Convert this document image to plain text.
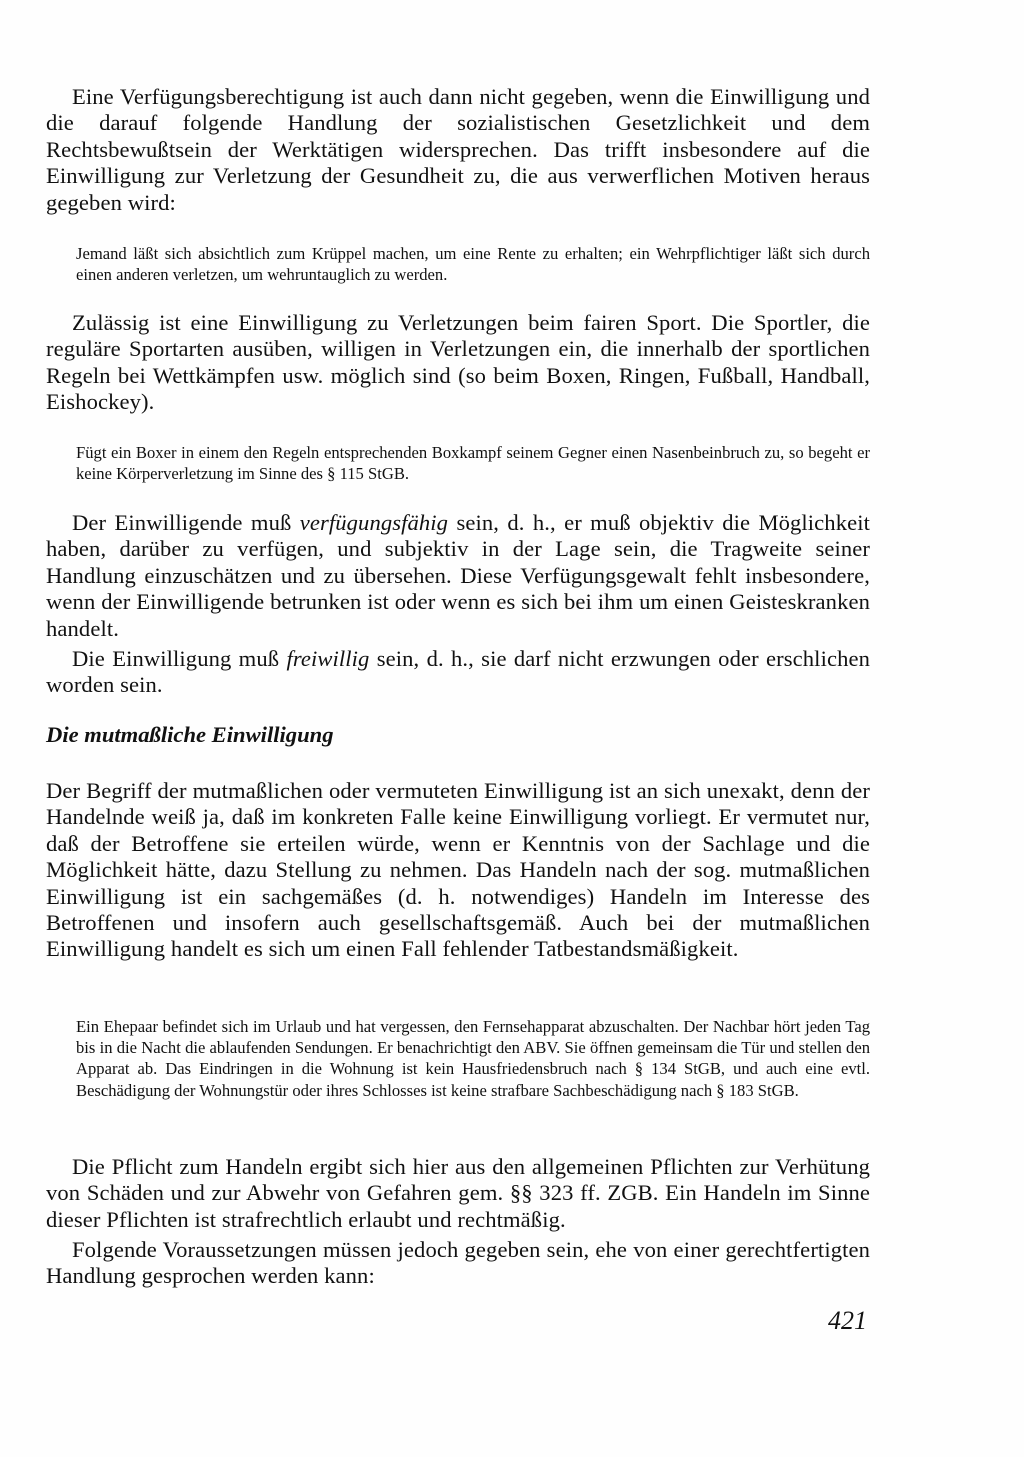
Eine Verfügungsberechtigung ist auch dann nicht gegeben, wenn die Einwilligung und die darauf folgende Handlung der sozialistischen Gesetzlichkeit und dem Rechtsbewußtsein der Werktätigen widersprechen. Das trifft insbesondere auf die Einwilligung zur Verletzung der Gesundheit zu, die aus verwerflichen Motiven heraus gegeben wird:

Jemand läßt sich absichtlich zum Krüppel machen, um eine Rente zu erhalten; ein Wehrpflichtiger läßt sich durch einen anderen verletzen, um wehruntauglich zu werden.

Zulässig ist eine Einwilligung zu Verletzungen beim fairen Sport. Die Sportler, die reguläre Sportarten ausüben, willigen in Verletzungen ein, die innerhalb der sportlichen Regeln bei Wettkämpfen usw. möglich sind (so beim Boxen, Ringen, Fußball, Handball, Eishockey).

Fügt ein Boxer in einem den Regeln entsprechenden Boxkampf seinem Gegner einen Nasenbeinbruch zu, so begeht er keine Körperverletzung im Sinne des § 115 StGB.

Der Einwilligende muß verfügungsfähig sein, d. h., er muß objektiv die Möglichkeit haben, darüber zu verfügen, und subjektiv in der Lage sein, die Tragweite seiner Handlung einzuschätzen und zu übersehen. Diese Verfügungsgewalt fehlt insbesondere, wenn der Einwilligende betrunken ist oder wenn es sich bei ihm um einen Geisteskranken handelt.

Die Einwilligung muß freiwillig sein, d. h., sie darf nicht erzwungen oder erschlichen worden sein.

Die mutmaßliche Einwilligung

Der Begriff der mutmaßlichen oder vermuteten Einwilligung ist an sich unexakt, denn der Handelnde weiß ja, daß im konkreten Falle keine Einwilligung vorliegt. Er vermutet nur, daß der Betroffene sie erteilen würde, wenn er Kenntnis von der Sachlage und die Möglichkeit hätte, dazu Stellung zu nehmen. Das Handeln nach der sog. mutmaßlichen Einwilligung ist ein sachgemäßes (d. h. notwendiges) Handeln im Interesse des Betroffenen und insofern auch gesellschaftsgemäß. Auch bei der mutmaßlichen Einwilligung handelt es sich um einen Fall fehlender Tatbestandsmäßigkeit.

Ein Ehepaar befindet sich im Urlaub und hat vergessen, den Fernsehapparat abzuschalten. Der Nachbar hört jeden Tag bis in die Nacht die ablaufenden Sendungen. Er benachrichtigt den ABV. Sie öffnen gemeinsam die Tür und stellen den Apparat ab. Das Eindringen in die Wohnung ist kein Hausfriedensbruch nach § 134 StGB, und auch eine evtl. Beschädigung der Wohnungstür oder ihres Schlosses ist keine strafbare Sachbeschädigung nach § 183 StGB.

Die Pflicht zum Handeln ergibt sich hier aus den allgemeinen Pflichten zur Verhütung von Schäden und zur Abwehr von Gefahren gem. §§ 323 ff. ZGB. Ein Handeln im Sinne dieser Pflichten ist strafrechtlich erlaubt und rechtmäßig.

Folgende Voraussetzungen müssen jedoch gegeben sein, ehe von einer gerechtfertigten Handlung gesprochen werden kann:

421
